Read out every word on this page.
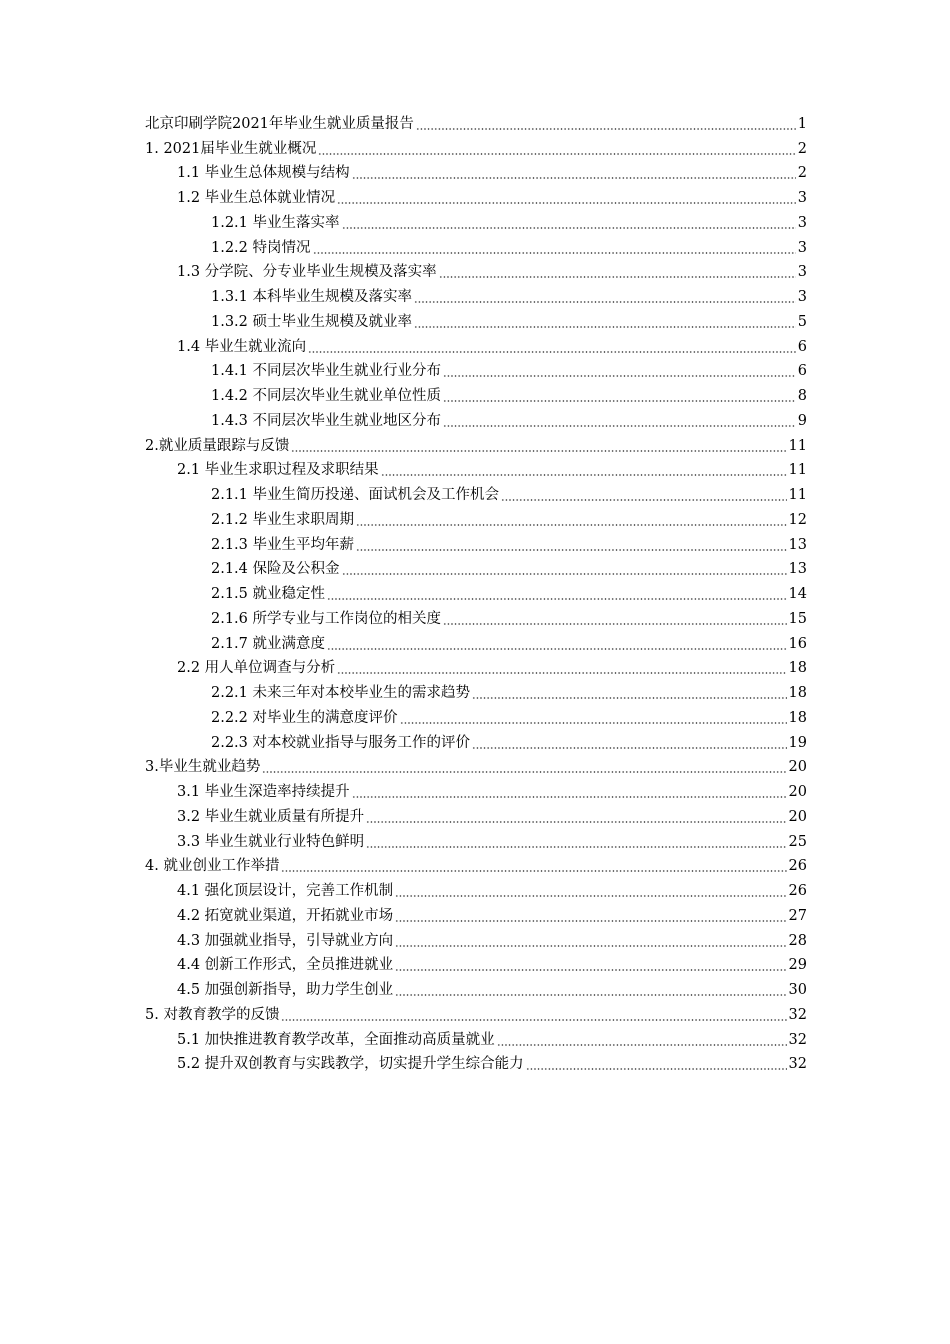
北京印刷学院2021年毕业生就业质量报告	1
1. 2021届毕业生就业概况	2
1.1 毕业生总体规模与结构	2
1.2 毕业生总体就业情况	3
1.2.1 毕业生落实率	3
1.2.2 特岗情况	3
1.3 分学院、分专业毕业生规模及落实率	3
1.3.1 本科毕业生规模及落实率	3
1.3.2 硕士毕业生规模及就业率	5
1.4 毕业生就业流向	6
1.4.1 不同层次毕业生就业行业分布	6
1.4.2 不同层次毕业生就业单位性质	8
1.4.3 不同层次毕业生就业地区分布	9
2.就业质量跟踪与反馈	11
2.1 毕业生求职过程及求职结果	11
2.1.1 毕业生简历投递、面试机会及工作机会	11
2.1.2 毕业生求职周期	12
2.1.3 毕业生平均年薪	13
2.1.4 保险及公积金	13
2.1.5 就业稳定性	14
2.1.6 所学专业与工作岗位的相关度	15
2.1.7 就业满意度	16
2.2 用人单位调查与分析	18
2.2.1 未来三年对本校毕业生的需求趋势	18
2.2.2 对毕业生的满意度评价	18
2.2.3 对本校就业指导与服务工作的评价	19
3.毕业生就业趋势	20
3.1 毕业生深造率持续提升	20
3.2 毕业生就业质量有所提升	20
3.3 毕业生就业行业特色鲜明	25
4. 就业创业工作举措	26
4.1 强化顶层设计，完善工作机制	26
4.2 拓宽就业渠道，开拓就业市场	27
4.3 加强就业指导，引导就业方向	28
4.4 创新工作形式，全员推进就业	29
4.5 加强创新指导，助力学生创业	30
5. 对教育教学的反馈	32
5.1 加快推进教育教学改革，全面推动高质量就业	32
5.2 提升双创教育与实践教学，切实提升学生综合能力	32
